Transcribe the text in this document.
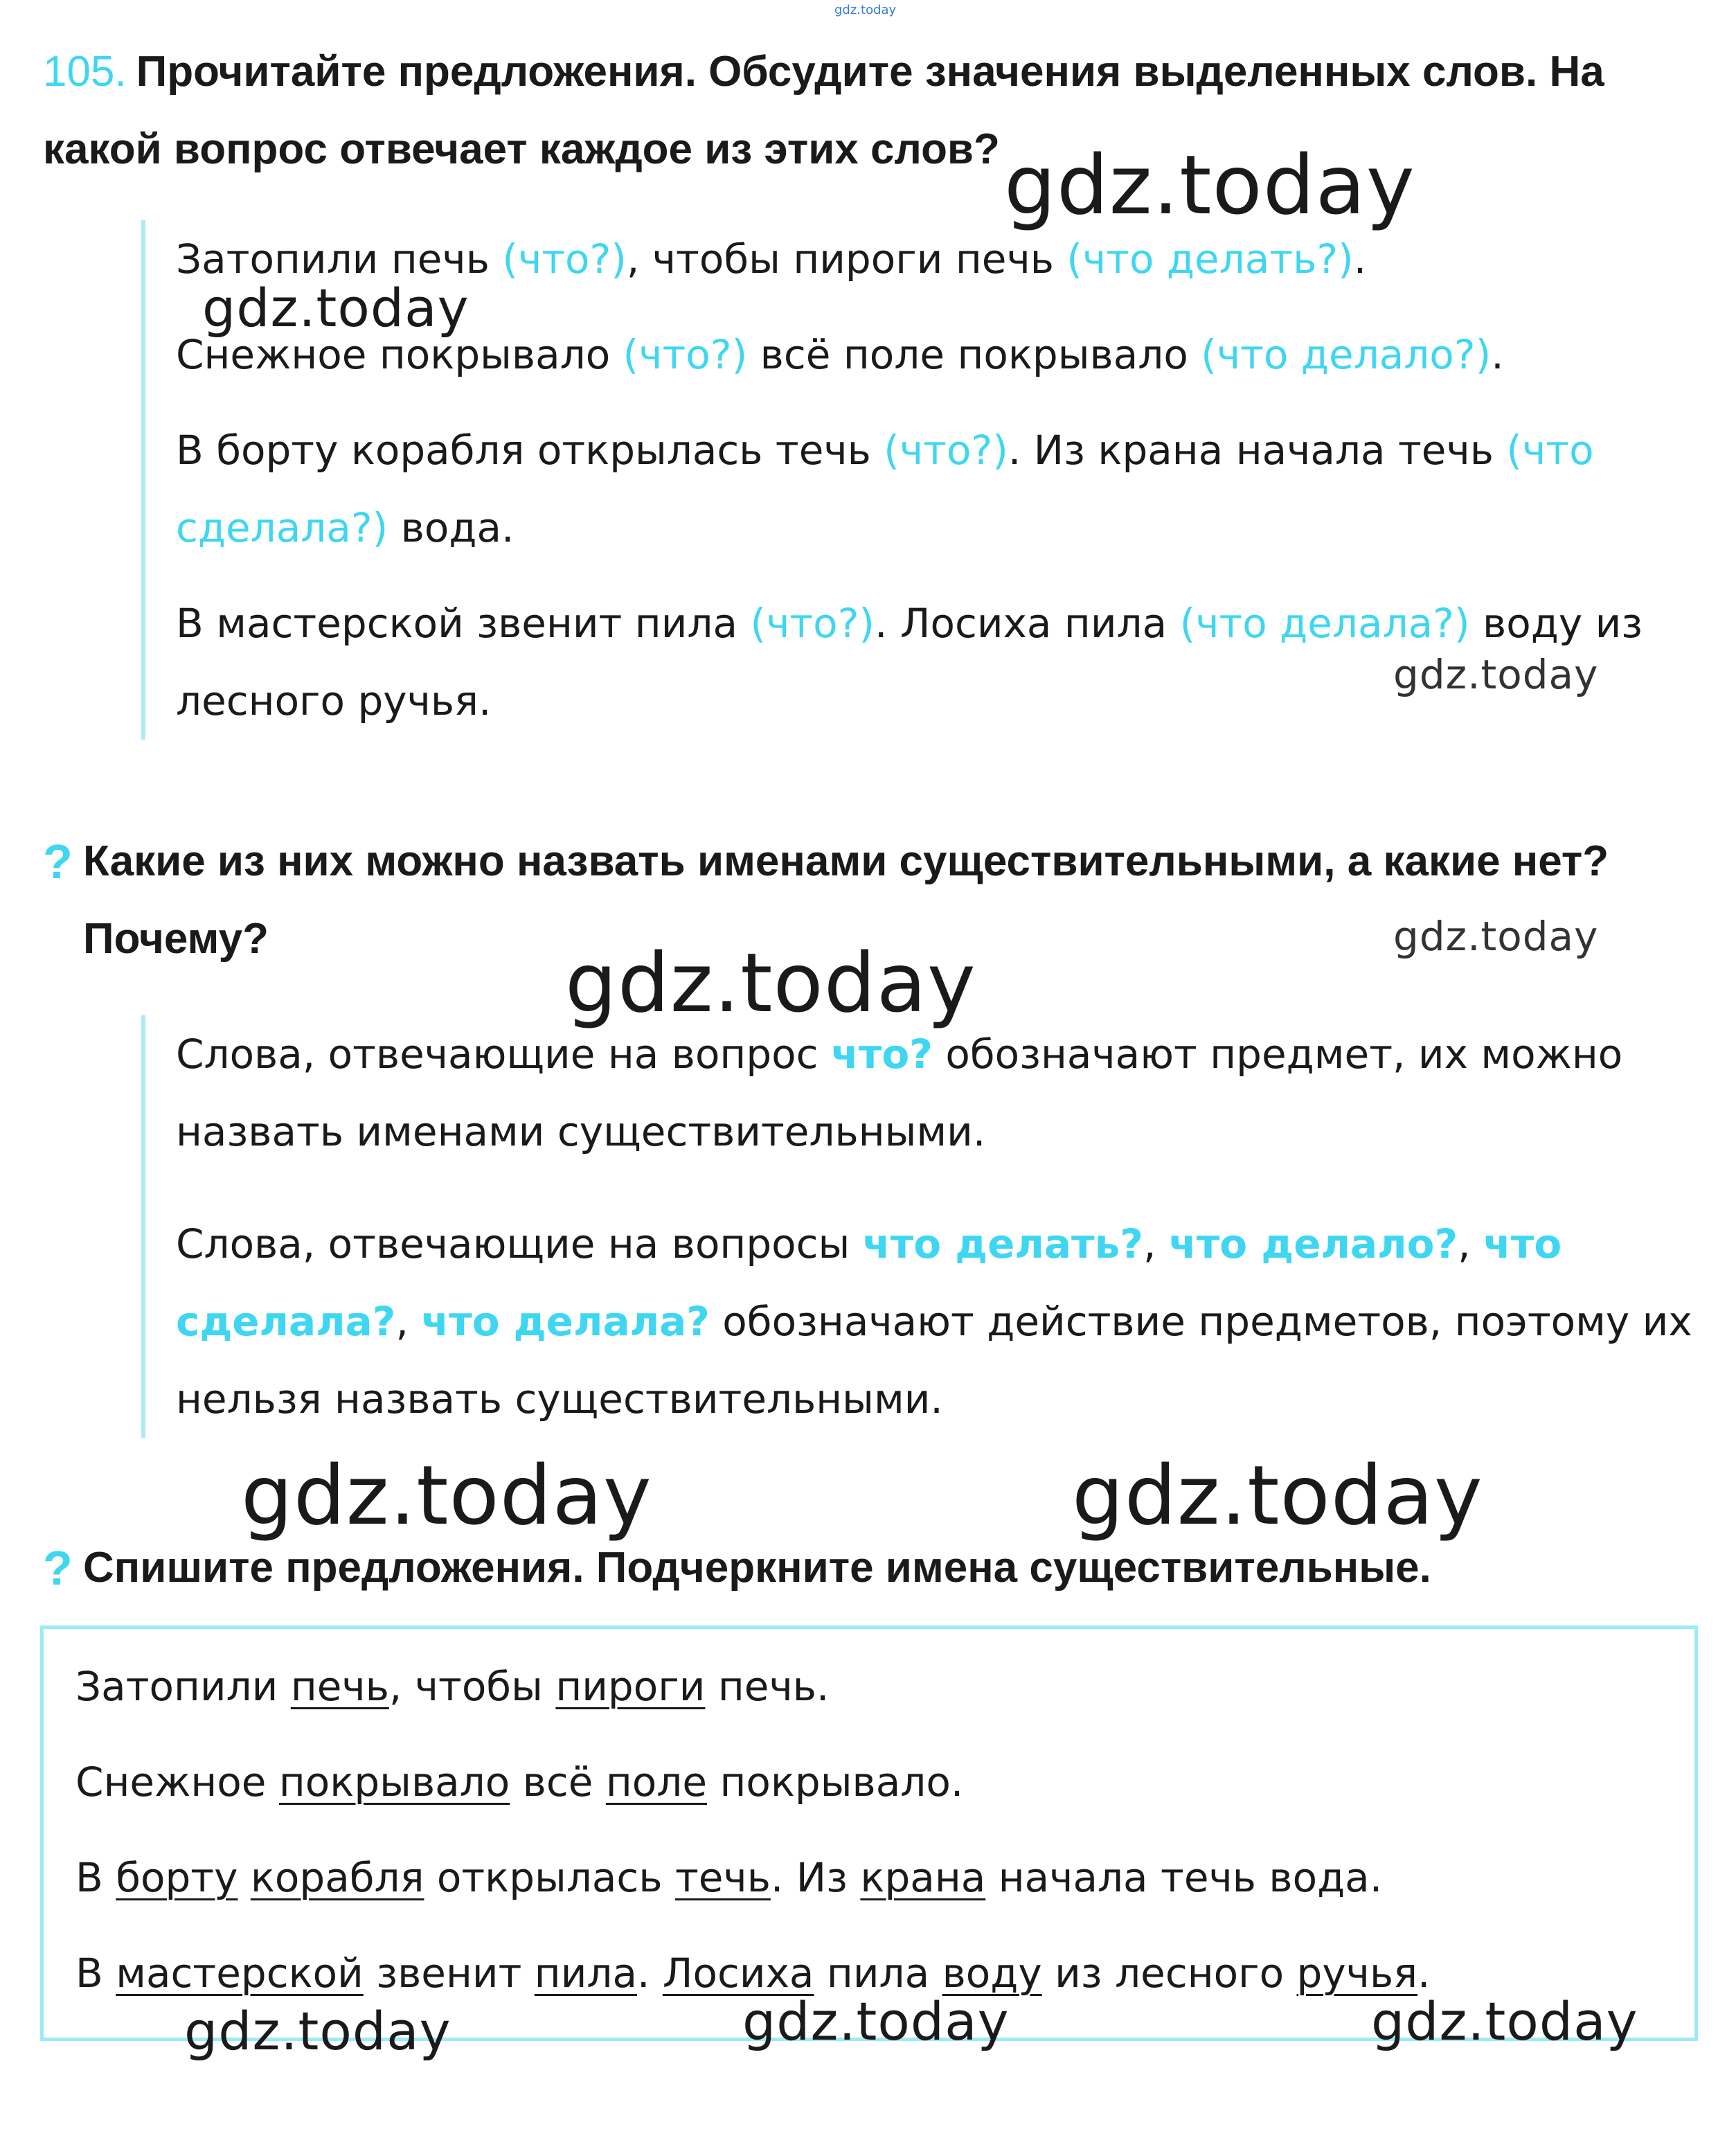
gdz.today
105. Прочитайте предложения. Обсудите значения выделенных слов. На какой вопрос отвечает каждое из этих слов?

Затопили печь (что?), чтобы пироги печь (что делать?).

Снежное покрывало (что?) всё поле покрывало (что делало?).

В борту корабля открылась течь (что?). Из крана начала течь (что сделала?) вода.

В мастерской звенит пила (что?). Лосиха пила (что делала?) воду из лесного ручья.

? Какие из них можно назвать именами существительными, а какие нет? Почему?

Слова, отвечающие на вопрос что? обозначают предмет, их можно назвать именами существительными.

Слова, отвечающие на вопросы что делать?, что делало?, что сделала?, что делала? обозначают действие предметов, поэтому их нельзя назвать существительными.

? Спишите предложения. Подчеркните имена существительные.

Затопили печь, чтобы пироги печь.

Снежное покрывало всё поле покрывало.

В борту корабля открылась течь. Из крана начала течь вода.

В мастерской звенит пила. Лосиха пила воду из лесного ручья.

gdz.today
gdz.today
gdz.today
gdz.today
gdz.today
gdz.today	gdz.today
gdz.today	gdz.today	gdz.today
